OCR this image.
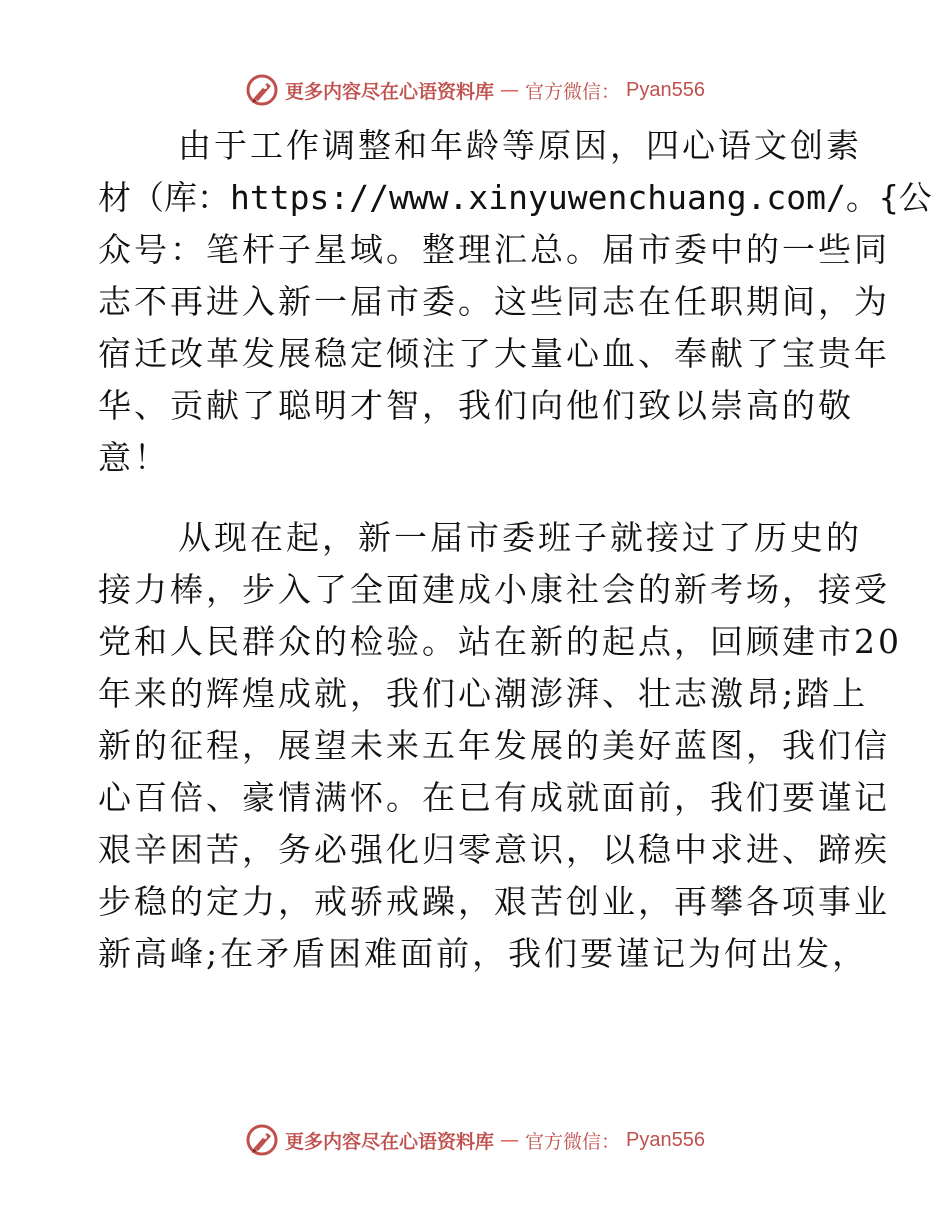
更多内容尽在心语资料库 — 官方微信： Pyan556
由于工作调整和年龄等原因，四心语文创素
材（库：https://www.xinyuwenchuang.com/。{公
众号：笔杆子星域。整理汇总。届市委中的一些同
志不再进入新一届市委。这些同志在任职期间，为
宿迁改革发展稳定倾注了大量心血、奉献了宝贵年
华、贡献了聪明才智，我们向他们致以崇高的敬
意！
从现在起，新一届市委班子就接过了历史的
接力棒，步入了全面建成小康社会的新考场，接受
党和人民群众的检验。站在新的起点，回顾建市20
年来的辉煌成就，我们心潮澎湃、壮志激昂;踏上
新的征程，展望未来五年发展的美好蓝图，我们信
心百倍、豪情满怀。在已有成就面前，我们要谨记
艰辛困苦，务必强化归零意识，以稳中求进、蹄疾
步稳的定力，戒骄戒躁，艰苦创业，再攀各项事业
新高峰;在矛盾困难面前，我们要谨记为何出发，
更多内容尽在心语资料库 — 官方微信： Pyan556
